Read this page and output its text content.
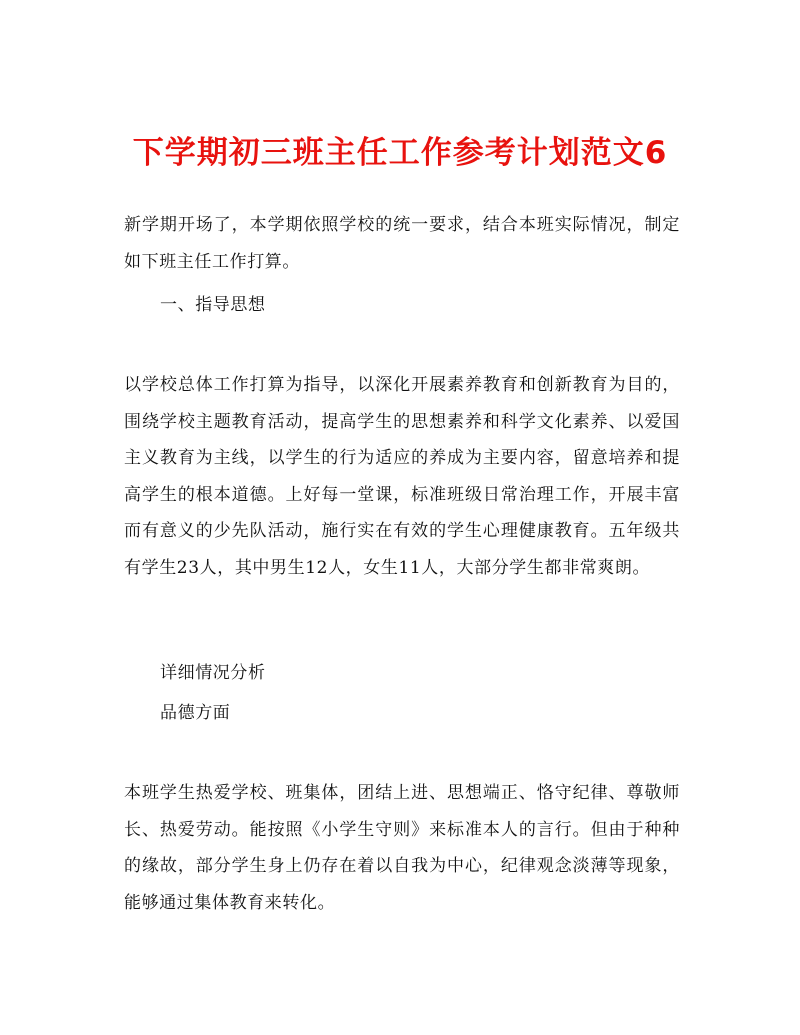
下学期初三班主任工作参考计划范文6

新学期开场了，本学期依照学校的统一要求，结合本班实际情况，制定如下班主任工作打算。

一、指导思想

以学校总体工作打算为指导，以深化开展素养教育和创新教育为目的，围绕学校主题教育活动，提高学生的思想素养和科学文化素养、以爱国主义教育为主线，以学生的行为适应的养成为主要内容，留意培养和提高学生的根本道德。上好每一堂课，标准班级日常治理工作，开展丰富而有意义的少先队活动，施行实在有效的学生心理健康教育。五年级共有学生23人，其中男生12人，女生11人，大部分学生都非常爽朗。

详细情况分析

品德方面

本班学生热爱学校、班集体，团结上进、思想端正、恪守纪律、尊敬师长、热爱劳动。能按照《小学生守则》来标准本人的言行。但由于种种的缘故，部分学生身上仍存在着以自我为中心，纪律观念淡薄等现象，能够通过集体教育来转化。
